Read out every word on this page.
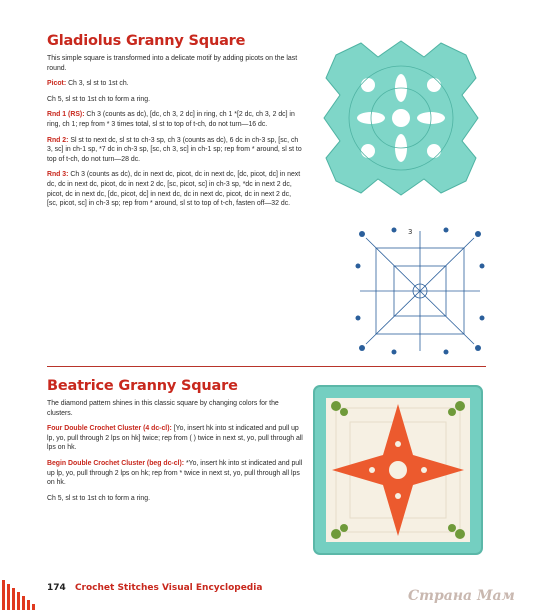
Gladiolus Granny Square

This simple square is transformed into a delicate motif by adding picots on the last round.

Picot: Ch 3, sl st to 1st ch.

Ch 5, sl st to 1st ch to form a ring.

Rnd 1 (RS): Ch 3 (counts as dc), [dc, ch 3, 2 dc] in ring, ch 1 *[2 dc, ch 3, 2 dc] in ring, ch 1; rep from * 3 times total, sl st to top of t-ch, do not turn—16 dc.

Rnd 2: Sl st to next dc, sl st to ch-3 sp, ch 3 (counts as dc), 6 dc in ch-3 sp, [sc, ch 3, sc] in ch-1 sp, *7 dc in ch-3 sp, [sc, ch 3, sc] in ch-1 sp; rep from * around, sl st to top of t-ch, do not turn—28 dc.

Rnd 3: Ch 3 (counts as dc), dc in next dc, picot, dc in next dc, [dc, picot, dc] in next dc, dc in next dc, picot, dc in next 2 dc, [sc, picot, sc] in ch-3 sp, *dc in next 2 dc, picot, dc in next dc, [dc, picot, dc] in next dc, dc in next dc, picot, dc in next 2 dc, [sc, picot, sc] in ch-3 sp; rep from * around, sl st to top of t-ch, fasten off—32 dc.

3
Beatrice Granny Square

The diamond pattern shines in this classic square by changing colors for the clusters.

Four Double Crochet Cluster (4 dc-cl): [Yo, insert hk into st indicated and pull up lp, yo, pull through 2 lps on hk] twice; rep from ( ) twice in next st, yo, pull through all lps on hk.

Begin Double Crochet Cluster (beg dc-cl): *Yo, insert hk into st indicated and pull up lp, yo, pull through 2 lps on hk; rep from * twice in next st, yo, pull through all lps on hk.

Ch 5, sl st to 1st ch to form a ring.

174 Crochet Stitches Visual Encyclopedia	Страна Мам
